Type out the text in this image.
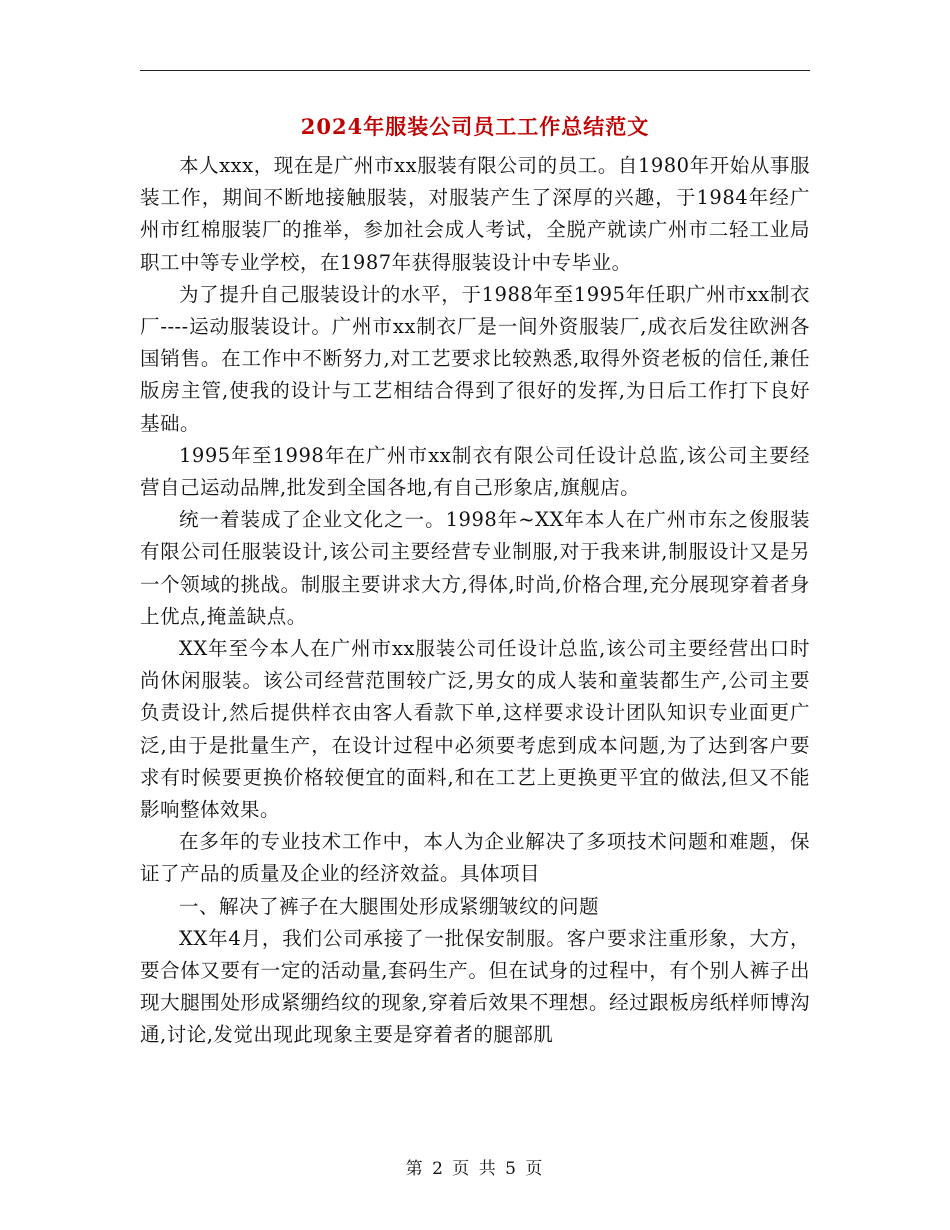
2024年服装公司员工工作总结范文

本人xxx，现在是广州市xx服装有限公司的员工。自1980年开始从事服装工作，期间不断地接触服装，对服装产生了深厚的兴趣，于1984年经广州市红棉服装厂的推举，参加社会成人考试，全脱产就读广州市二轻工业局职工中等专业学校，在1987年获得服装设计中专毕业。

为了提升自己服装设计的水平，于1988年至1995年任职广州市xx制衣厂----运动服装设计。广州市xx制衣厂是一间外资服装厂,成衣后发往欧洲各国销售。在工作中不断努力,对工艺要求比较熟悉,取得外资老板的信任,兼任版房主管,使我的设计与工艺相结合得到了很好的发挥,为日后工作打下良好基础。

1995年至1998年在广州市xx制衣有限公司任设计总监,该公司主要经营自己运动品牌,批发到全国各地,有自己形象店,旗舰店。

统一着装成了企业文化之一。1998年~XX年本人在广州市东之俊服装有限公司任服装设计,该公司主要经营专业制服,对于我来讲,制服设计又是另一个领域的挑战。制服主要讲求大方,得体,时尚,价格合理,充分展现穿着者身上优点,掩盖缺点。

XX年至今本人在广州市xx服装公司任设计总监,该公司主要经营出口时尚休闲服装。该公司经营范围较广泛,男女的成人装和童装都生产,公司主要负责设计,然后提供样衣由客人看款下单,这样要求设计团队知识专业面更广泛,由于是批量生产，在设计过程中必须要考虑到成本问题,为了达到客户要求有时候要更换价格较便宜的面料,和在工艺上更换更平宜的做法,但又不能影响整体效果。

在多年的专业技术工作中，本人为企业解决了多项技术问题和难题，保证了产品的质量及企业的经济效益。具体项目

一、解决了裤子在大腿围处形成紧绷皱纹的问题

XX年4月，我们公司承接了一批保安制服。客户要求注重形象，大方，要合体又要有一定的活动量,套码生产。但在试身的过程中，有个别人裤子出现大腿围处形成紧绷绉纹的现象,穿着后效果不理想。经过跟板房纸样师博沟通,讨论,发觉出现此现象主要是穿着者的腿部肌

第 2 页 共 5 页
